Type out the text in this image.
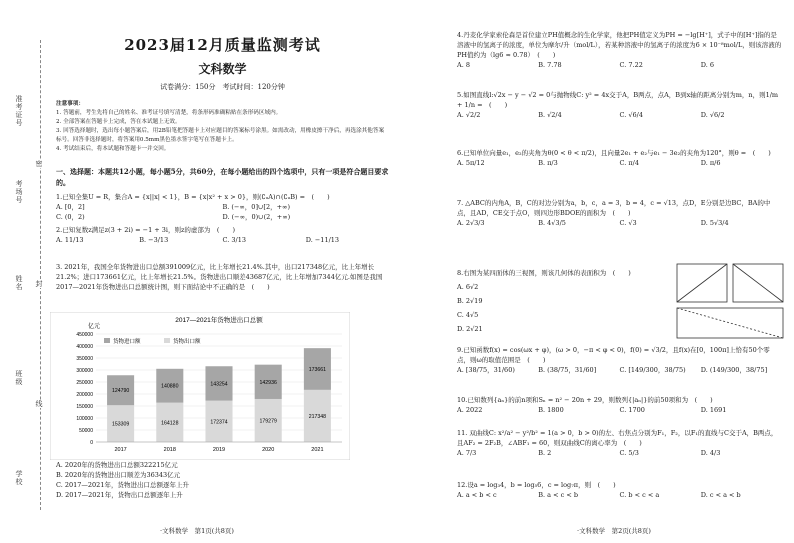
准考证号
考场号
姓名
班级
学校
密
封
线
2023届12月质量监测考试
文科数学
试卷满分：150分　考试时间：120分钟
注意事项：
1. 答题前，考生先将自己的姓名、准考证号填写清楚，将条形码准确粘贴在条形码区域内。
2. 全部答案在答题卡上完成，答在本试题上无效。
3. 回答选择题时，选出每小题答案后，用2B铅笔把答题卡上对应题目的答案标号涂黑。如需改动，用橡皮擦干净后，再选涂其他答案标号。回答非选择题时，将答案用0.5mm黑色墨水签字笔写在答题卡上。
4. 考试结束后，将本试题和答题卡一并交回。
一、选择题：本题共12小题，每小题5分，共60分，在每小题给出的四个选项中，只有一项是符合题目要求的。
1.已知全集U = R，集合A = {x||x| < 1}，B = {x|x² + x > 0}，则(∁ᵤA)∩(∁ᵤB) =　(　　)
A. [0，2]	B. (−∞，0]∪[2，+∞)
C. (0，2)	D. (−∞，0)∪(2，+∞)
2.已知复数z满足z(3 + 2i) = −1 + 3i，则z的虚部为　(　　)
A. 11/13	B. −3/13	C. 3/13	D. −11/13
3. 2021年，我国全年货物进出口总额391009亿元，比上年增长21.4%.其中，出口217348亿元，比上年增长21.2%；进口173661亿元，比上年增长21.5%。货物进出口顺差43687亿元，比上年增加7344亿元.如图是我国2017—2021年货物进出口总额统计图，则下面结论中不正确的是　(　　)
A. 2020年的货物进出口总额322215亿元
B. 2020年的货物进出口顺差为36343亿元
C. 2017—2021年，货物进出口总额逐年上升
D. 2017—2021年，货物出口总额逐年上升
2017—2021年货物进出口总额
亿元
0
50000
100000
150000
200000
250000
300000
350000
400000
450000
153309
124790
2017
164128
140880
2018
172374
143254
2019
179279
142936
2020
217348
173661
2021
货物进口额	货物出口额
·文科数学　第1页(共8页)
4.丹麦化学家索伦森是首位建立PH值概念的生化学家，他把PH值定义为PH = −lg[H⁺]，式子中的[H⁺]指的是溶液中的氢离子的浓度，单位为摩尔/升（mol/L），若某种溶液中的氢离子的浓度为6 × 10⁻⁸mol/L，则该溶液的PH值约为（lg6 ≈ 0.78）　(　　)
A. 8	B. 7.78	C. 7.22	D. 6
5.如图直线l:√2x − y − √2 = 0与抛物线C: y² = 4x交于A，B两点，点A，B到x轴的距离分别为m，n，则1/m + 1/n =　(　　)
A. √2/2	B. √2/4	C. √6/4	D. √6/2
6.已知单位向量e₁，e₂的夹角为θ(0 < θ < π/2)，且向量2e₁ + e₂与e₁ − 3e₂的夹角为120°，则θ =　(　　)
A. 5π/12	B. π/3	C. π/4	D. π/6
7. △ABC的内角A，B，C的对边分别为a，b，c，a = 3，b = 4，c = √13，点D，E分别是边BC，BA的中点，且AD，CE交于点O，则四边形BDOE的面积为　(　　)
A. 2√3/3	B. 4√3/5	C. √3	D. 5√3/4
8.右图为某四面体的三视图，则该几何体的表面积为　(　　)
A. 6√2
B. 2√19
C. 4√5
D. 2√21
9.已知函数f(x) = cos(ωx + φ)，(ω > 0，−π < φ < 0)，f(0) = √3/2，且f(x)在[0，100π]上恰有50个零点，则ω的取值范围是　(　　)
A. [38/75，31/60)	B. (38/75，31/60]	C. [149/300，38/75)	D. (149/300，38/75]
10.已知数列{aₙ}的前n项和Sₙ = n² − 20n + 29，则数列{|aₙ|}的前50项和为　(　　)
A. 2022	B. 1800	C. 1700	D. 1691
11. 双曲线C: x²/a² − y²/b² = 1(a > 0，b > 0)的左、右焦点分别为F₁，F₂，以F₁的直线与C交于A，B两点，且AF₂ = 2F₂B，∠ABF₁ = 60，则双曲线C的离心率为　(　　)
A. 7/3	B. 2	C. 5/3	D. 4/3
12.设a = log₃4，b = log₅6，c = log₇π，则　(　　)
A. a < b < c	B. a < c < b	C. b < c < a	D. c < a < b
·文科数学　第2页(共8页)
